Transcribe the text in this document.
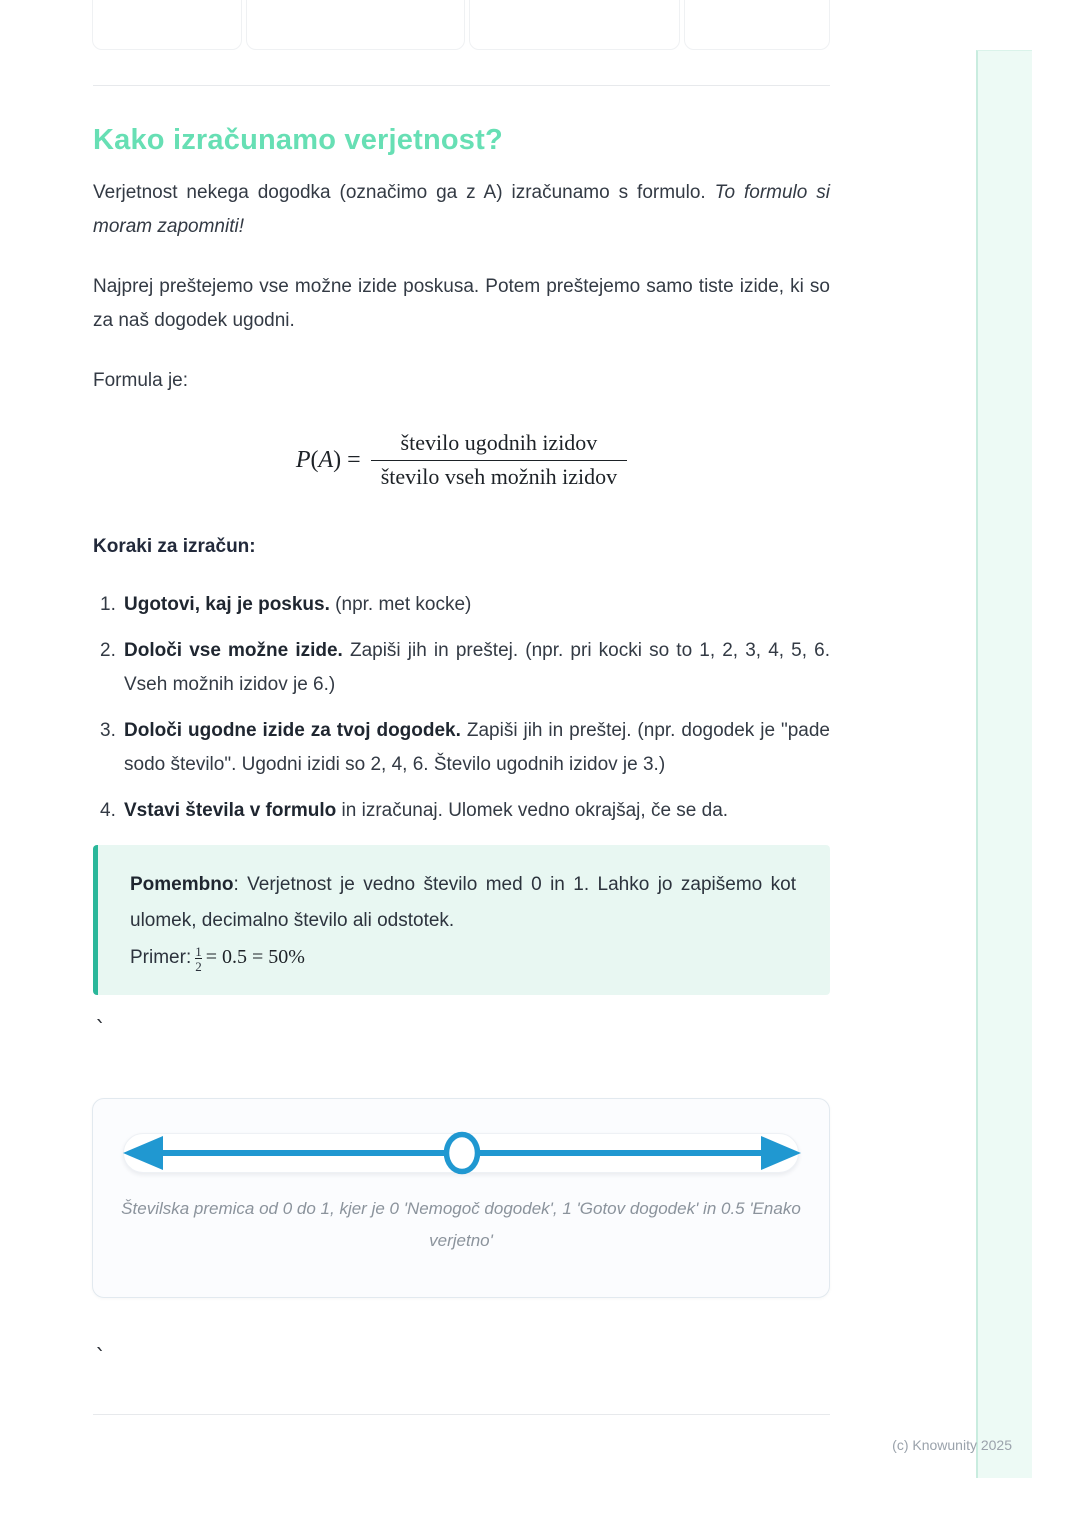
Kako izračunamo verjetnost?

Verjetnost nekega dogodka (označimo ga z A) izračunamo s formulo. To formulo si moram zapomniti!

Najprej preštejemo vse možne izide poskusa. Potem preštejemo samo tiste izide, ki so za naš dogodek ugodni.

Formula je:

$P(A) = \frac{\text{število ugodnih izidov}}{\text{število vseh možnih izidov}}$
Koraki za izračun:
1. Ugotovi, kaj je poskus. (npr. met kocke)
2. Določi vse možne izide. Zapiši jih in preštej. (npr. pri kocki so to 1, 2, 3, 4, 5, 6. Vseh možnih izidov je 6.)
3. Določi ugodne izide za tvoj dogodek. Zapiši jih in preštej. (npr. dogodek je "pade sodo število". Ugodni izidi so 2, 4, 6. Število ugodnih izidov je 3.)
4. Vstavi števila v formulo in izračunaj. Ulomek vedno okrajšaj, če se da.
Pomembno: Verjetnost je vedno število med 0 in 1. Lahko jo zapišemo kot ulomek, decimalno število ali odstotek.
Primer: $\frac{1}{2} = 0.5 = 50\%$
`
Številska premica od 0 do 1, kjer je 0 'Nemogoč dogodek', 1 'Gotov dogodek' in 0.5 'Enako verjetno'
`
(c) Knowunity 2025
